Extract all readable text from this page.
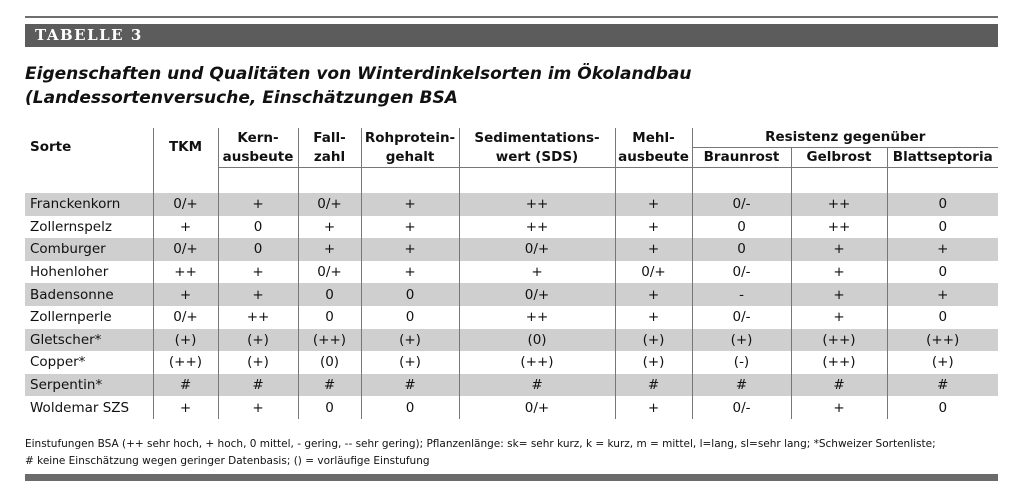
TABELLE 3
Eigenschaften und Qualitäten von Winterdinkelsorten im Ökolandbau
(Landessortenversuche, Einschätzungen BSA
Sorte	TKM	Kern-	Fall-	Rohprotein-	Sedimentations-	Mehl-	Resistenz gegenüber		
		ausbeute	zahl	gehalt	wert (SDS)	ausbeute	Braunrost	Gelbrost	Blattseptoria

Franckenkorn	0/+	+	0/+	+	++	+	0/-	++	0
Zollernspelz	+	0	+	+	++	+	0	++	0
Comburger	0/+	0	+	+	0/+	+	0	+	+
Hohenloher	++	+	0/+	+	+	0/+	0/-	+	0
Badensonne	+	+	0	0	0/+	+	-	+	+
Zollernperle	0/+	++	0	0	++	+	0/-	+	0
Gletscher*	(+)	(+)	(++)	(+)	(0)	(+)	(+)	(++)	(++)
Copper*	(++)	(+)	(0)	(+)	(++)	(+)	(-)	(++)	(+)
Serpentin*	#	#	#	#	#	#	#	#	#
Woldemar SZS	+	+	0	0	0/+	+	0/-	+	0
Einstufungen BSA (++ sehr hoch, + hoch, 0 mittel, - gering, -- sehr gering); Pflanzenlänge: sk= sehr kurz, k = kurz, m = mittel, l=lang, sl=sehr lang; *Schweizer Sortenliste;
# keine Einschätzung wegen geringer Datenbasis; () = vorläufige Einstufung
